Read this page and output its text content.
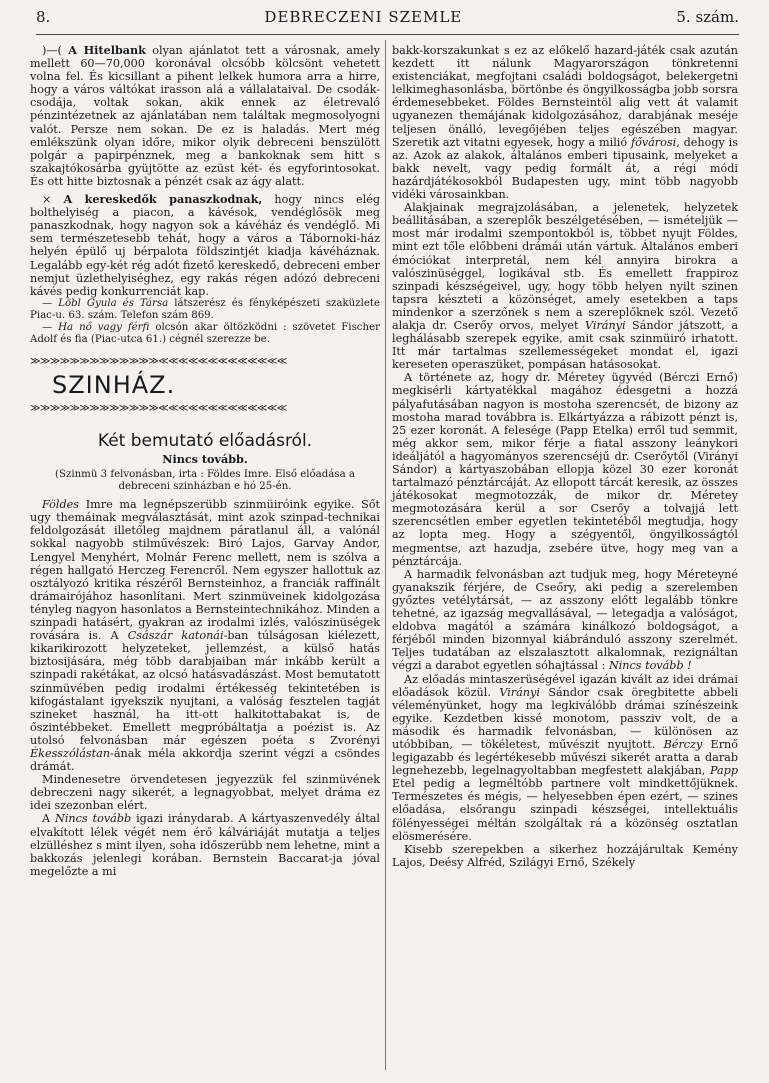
8.	DEBRECZENI SZEMLE	5. szám.

)—( A Hitelbank olyan ajánlatot tett a városnak, amely mellett 60—70,000 koronával olcsóbb kölcsönt vehetett volna fel. És kicsillant a pihent lelkek humora arra a hirre, hogy a város váltókat irasson alá a vállalataival. De csodák-csodája, voltak sokan, akik ennek az életrevaló pénzintézetnek az ajánlatában nem találtak megmosolyogni valót. Persze nem sokan. De ez is haladás. Mert még emlékszünk olyan időre, mikor olyik debreceni benszülött polgár a papirpénznek, meg a bankoknak sem hitt s szakajtókosárba gyüjtötte az ezüst két- és egyforintosokat. És ott hitte biztosnak a pénzét csak az ágy alatt.

× A kereskedők panaszkodnak, hogy nincs elég bolthelyiség a piacon, a kávésok, vendéglősök meg panaszkodnak, hogy nagyon sok a kávéház és vendéglő. Mi sem természetesebb tehát, hogy a város a Tábornoki-ház helyén épülő uj bérpalota földszintjét kiadja kávéháznak. Legalább egy-két rég adót fizető kereskedő, debreceni ember nemjut üzlethelyiséghez, egy rakás régen adózó debreceni kávés pedig konkurrenciát kap.

— Löbl Gyula és Társa látszerész és fényképészeti szaküzlete Piac-u. 63. szám. Telefon szám 869.

— Ha nő vagy férfi olcsón akar öltözködni : szövetet Fischer Adolf és fia (Piac-utca 61.) cégnél szerezze be.

≫≫≫≫≫≫≫≫≫≫≫≫≫≪≪≪≪≪≪≪≪≪≪≪≪≪
SZINHÁZ.
≫≫≫≫≫≫≫≫≫≫≫≫≫≪≪≪≪≪≪≪≪≪≪≪≪≪
Két bemutató előadásról.

Nincs tovább.

(Szinmü 3 felvonásban, irta : Földes Imre. Első előadása a debreceni szinházban e hó 25-én.

Földes Imre ma legnépszerübb szinmüiróink egyike. Sőt ugy themáinak megválasztását, mint azok szinpad-technikai feldolgozását illetőleg majdnem páratlanul áll, a valónál sokkal nagyobb stilművészek: Biró Lajos, Garvay Andor, Lengyel Menyhért, Molnár Ferenc mellett, nem is szólva a régen hallgató Herczeg Ferencről. Nem egyszer hallottuk az osztályozó kritika részéről Bernsteinhoz, a franciák raffinált drámairójához hasonlítani. Mert szinmüveinek kidolgozása tényleg nagyon hasonlatos a Bernsteintechnikához. Minden a szinpadi hatásért, gyakran az irodalmi izlés, valószinüségek rovására is. A Császár katonái-ban túlságosan kiélezett, kikarikirozott helyzeteket, jellemzést, a külső hatás biztosijására, még több darabjaiban már inkább került a szinpadi rakétákat, az olcsó hatásvadászást. Most bemutatott szinmüvében pedig irodalmi értékesség tekintetében is kifogástalant igyekszik nyujtani, a valóság fesztelen tagját szineket használ, ha itt-ott halkitottabakat is, de őszintébbeket. Emellett megpróbáltatja a poézist is. Az utolsó felvonásban már egészen poéta s Zvorényi Ékesszólástan-ának méla akkordja szerint végzi a csöndes drámát.

Mindenesetre örvendetesen jegyezzük fel szinmüvének debreczeni nagy sikerét, a legnagyobbat, melyet dráma ez idei szezonban elért.

A Nincs tovább igazi iránydarab. A kártyaszenvedély által elvakított lélek végét nem érő kálváriáját mutatja a teljes elzülléshez s mint ilyen, soha időszerübb nem lehetne, mint a bakkozás jelenlegi korában. Bernstein Baccarat-ja jóval megelőzte a mi

bakk-korszakunkat s ez az előkelő hazard-játék csak azután kezdett itt nálunk Magyarországon tönkretenni existenciákat, megfojtani családi boldogságot, belekergetni lelkimeghasonlásba, börtönbe és öngyilkosságba jobb sorsra érdemesebbeket. Földes Bernsteintöl alig vett át valamit ugyanezen themájának kidolgozásához, darabjának meséje teljesen önálló, levegőjében teljes egészében magyar. Szeretik azt vitatni egyesek, hogy a milió fővárosi, dehogy is az. Azok az alakok, általános emberi tipusaink, melyeket a bakk nevelt, vagy pedig formált át, a régi módi hazárdjátékosokból Budapesten ugy, mint több nagyobb vidéki városainkban.

Alakjainak megrajzolásában, a jelenetek, helyzetek beállitásában, a szereplők beszélgetésében, — ismételjük — most már irodalmi szempontokból is, többet nyujt Földes, mint ezt tőle előbbeni drámái után vártuk. Általános emberi émóciókat interpretál, nem kél annyira birokra a valószinüséggel, logikával stb. És emellett frappiroz szinpadi készségeivel, ugy, hogy több helyen nyilt szinen tapsra készteti a közönséget, amely esetekben a taps mindenkor a szerzőnek s nem a szereplőknek szól. Vezető alakja dr. Cserőy orvos, melyet Virányi Sándor játszott, a leghálásabb szerepek egyike, amit csak szinmüiró irhatott. Itt már tartalmas szellemességeket mondat el, igazi kereseten operaszüket, pompásan hatásosokat.

A története az, hogy dr. Méretey ügyvéd (Bérczi Ernő) megkisérli kártyatékkal magához édesgetni a hozzá pályafutásában nagyon is mostoha szerencsét, de bizony az mostoha marad továbbra is. Elkártyázza a rábizott pénzt is, 25 ezer koronát. A felesége (Papp Etelka) erről tud semmit, még akkor sem, mikor férje a fiatal asszony leánykori ideáljától a hagyományos szerencséjű dr. Cserőytől (Virányi Sándor) a kártyaszobában ellopja közel 30 ezer koronát tartalmazó pénztárcáját. Az ellopott tárcát keresik, az összes játékosokat megmotozzák, de mikor dr. Méretey megmotozására kerül a sor Cserőy a tolvajjá lett szerencsétlen ember egyetlen tekintetéből megtudja, hogy az lopta meg. Hogy a szégyentől, öngyilkosságtól megmentse, azt hazudja, zsebére ütve, hogy meg van a pénztárcája.

A harmadik felvonásban azt tudjuk meg, hogy Méreteyné gyanakszik férjére, de Cseőry, aki pedig a szerelemben győztes vetélytársát, — az asszony előtt legalább tönkre tehetné, az igazság megvallásával, — letegadja a valóságot, eldobva magától a számára kinálkozó boldogságot, a férjéből minden bizonnyal kiábránduló asszony szerelmét. Teljes tudatában az elszalasztott alkalomnak, rezignáltan végzi a darabot egyetlen sóhajtással : Nincs tovább !

Az előadás mintaszerüségével igazán kivált az idei drámai előadások közül. Virányi Sándor csak öregbitette abbeli véleményünket, hogy ma legkiválóbb drámai színészeink egyike. Kezdetben kissé monotom, passziv volt, de a második és harmadik felvonásban, — különösen az utóbbiban, — tökéletest, művészit nyujtott. Bérczy Ernő legigazabb és legértékesebb művészi sikerét aratta a darab legnehezebb, legelnagyoltabban megfestett alakjában, Papp Etel pedig a legméltóbb partnere volt mindkettőjüknek. Természetes és mégis, — helyesebben épen ezért, — szines előadása, elsőrangu szinpadi készségei, intellektuális fölényességei méltán szolgáltak rá a közönség osztatlan elösmerésére.

Kisebb szerepekben a sikerhez hozzájárultak Kemény Lajos, Deésy Alfréd, Szilágyi Ernő, Székely
